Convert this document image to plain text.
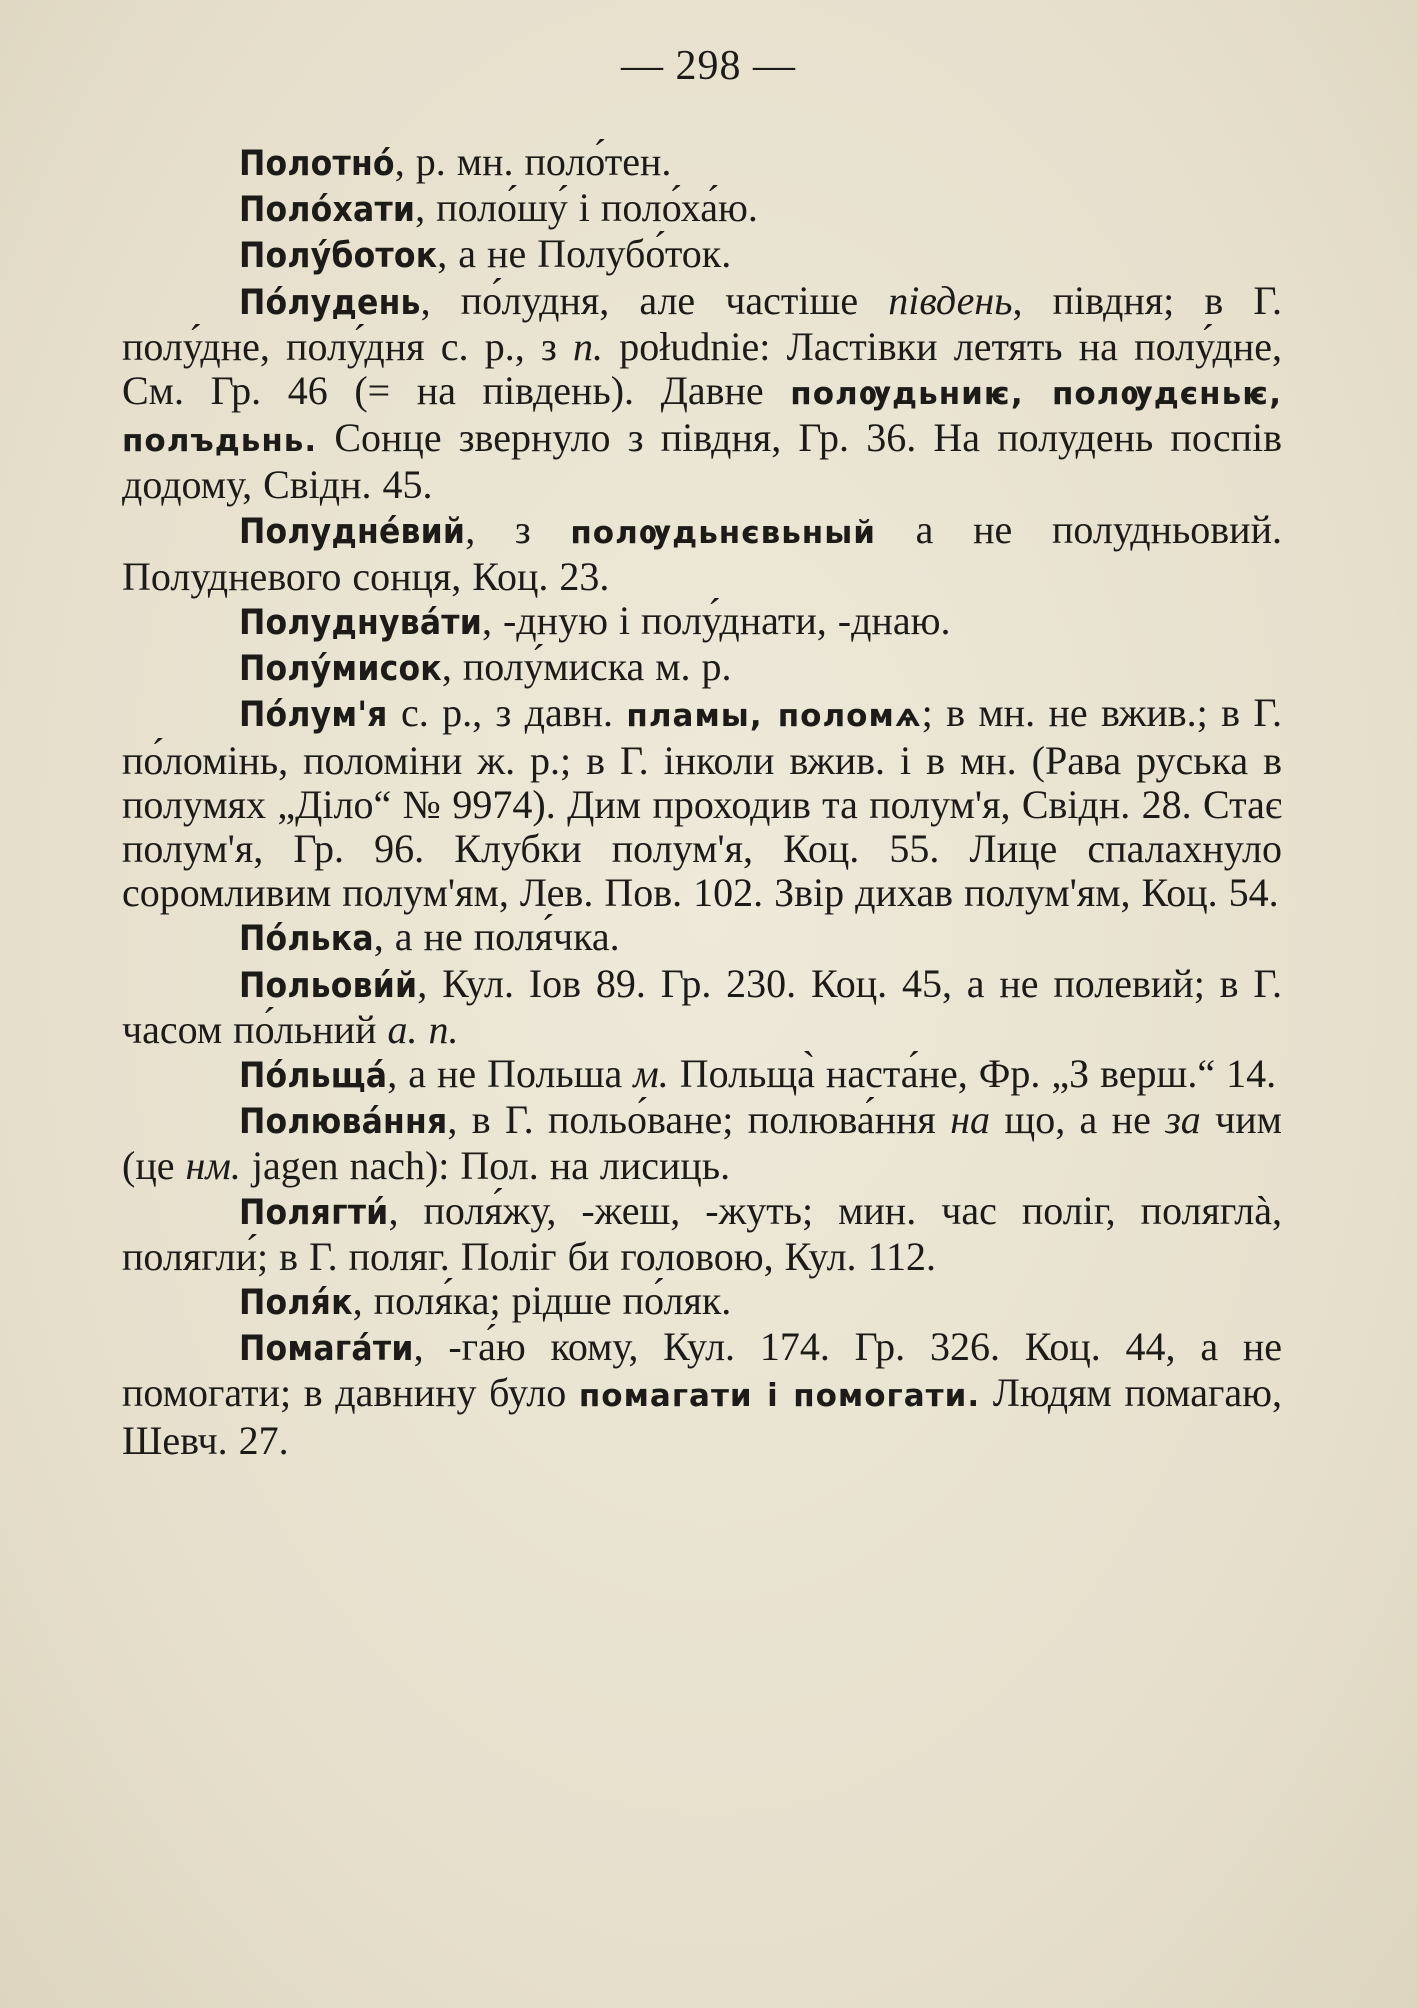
— 298 —

Полотно́, р. мн. поло́тен.

Поло́хати, поло́шу́ і поло́ха́ю.

Полу́боток, а не Полубо́ток.

По́лудень, по́лудня, але частіше південь, півдня; в Г. полу́дне, полу́дня с. р., з п. południe: Ластівки летять на полу́дне, См. Гр. 46 (= на південь). Давне полѹдьниѥ, полѹдєньѥ, полъдьнь. Сонце звернуло з півдня, Гр. 36. На полудень поспів додому, Свідн. 45.

Полудне́вий, з полѹдьнєвьный а не полудньовий. Полудневого сонця, Коц. 23.

Полуднува́ти, -дную і полу́днати, -днаю.

Полу́мисок, полу́миска м. р.

По́лум'я с. р., з давн. пламы, поломѧ; в мн. не вжив.; в Г. по́ломінь, поломіни ж. р.; в Г. інколи вжив. і в мн. (Рава руська в полумях „Діло“ № 9974). Дим проходив та полум'я, Свідн. 28. Стає полум'я, Гр. 96. Клубки полум'я, Коц. 55. Лице спалахнуло соромливим полум'ям, Лев. Пов. 102. Звір дихав полум'ям, Коц. 54.

По́лька, а не поля́чка.

Польови́й, Кул. Іов 89. Гр. 230. Коц. 45, а не полевий; в Г. часом по́льний а. п.

По́льща́, а не Польша м. Польща̀ наста́не, Фр. „З верш.“ 14.

Полюва́ння, в Г. польо́ване; полюва́ння на що, а не за чим (це нм. jagen nach): Пол. на лисиць.

Полягти́, поля́жу, -жеш, -жуть; мин. час поліг, поляглà, полягли́; в Г. поляг. Поліг би головою, Кул. 112.

Поля́к, поля́ка; рідше по́ляк.

Помага́ти, -га́ю кому, Кул. 174. Гр. 326. Коц. 44, а не помогати; в давнину було помагати і помогати. Людям помагаю, Шевч. 27.
